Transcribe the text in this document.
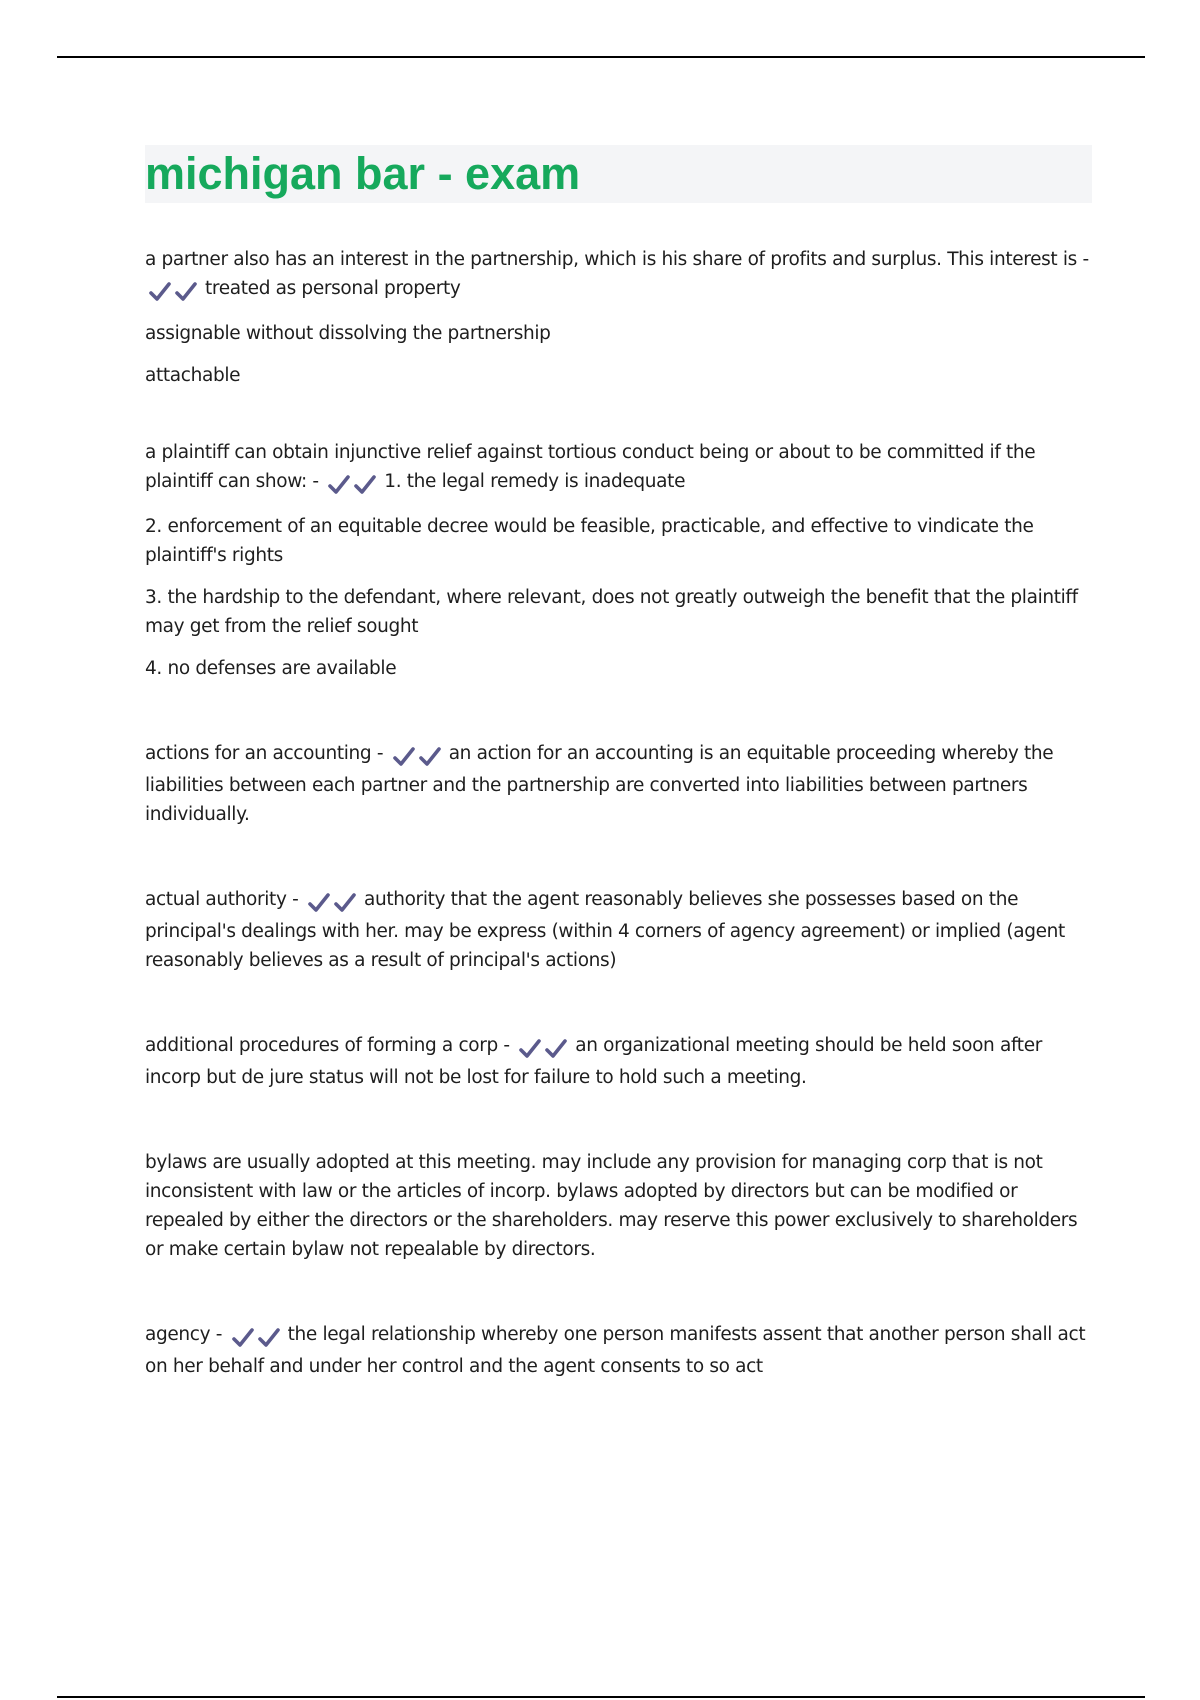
michigan bar - exam

a partner also has an interest in the partnership, which is his share of profits and surplus. This interest is - treated as personal property

assignable without dissolving the partnership

attachable

a plaintiff can obtain injunctive relief against tortious conduct being or about to be committed if the plaintiff can show: -	1. the legal remedy is inadequate

2. enforcement of an equitable decree would be feasible, practicable, and effective to vindicate the plaintiff's rights

3. the hardship to the defendant, where relevant, does not greatly outweigh the benefit that the plaintiff may get from the relief sought

4. no defenses are available

actions for an accounting -	an action for an accounting is an equitable proceeding whereby the liabilities between each partner and the partnership are converted into liabilities between partners individually.

actual authority -	authority that the agent reasonably believes she possesses based on the principal's dealings with her. may be express (within 4 corners of agency agreement) or implied (agent reasonably believes as a result of principal's actions)

additional procedures of forming a corp -	an organizational meeting should be held soon after incorp but de jure status will not be lost for failure to hold such a meeting.

bylaws are usually adopted at this meeting. may include any provision for managing corp that is not inconsistent with law or the articles of incorp. bylaws adopted by directors but can be modified or repealed by either the directors or the shareholders. may reserve this power exclusively to shareholders or make certain bylaw not repealable by directors.

agency -	the legal relationship whereby one person manifests assent that another person shall act on her behalf and under her control and the agent consents to so act
